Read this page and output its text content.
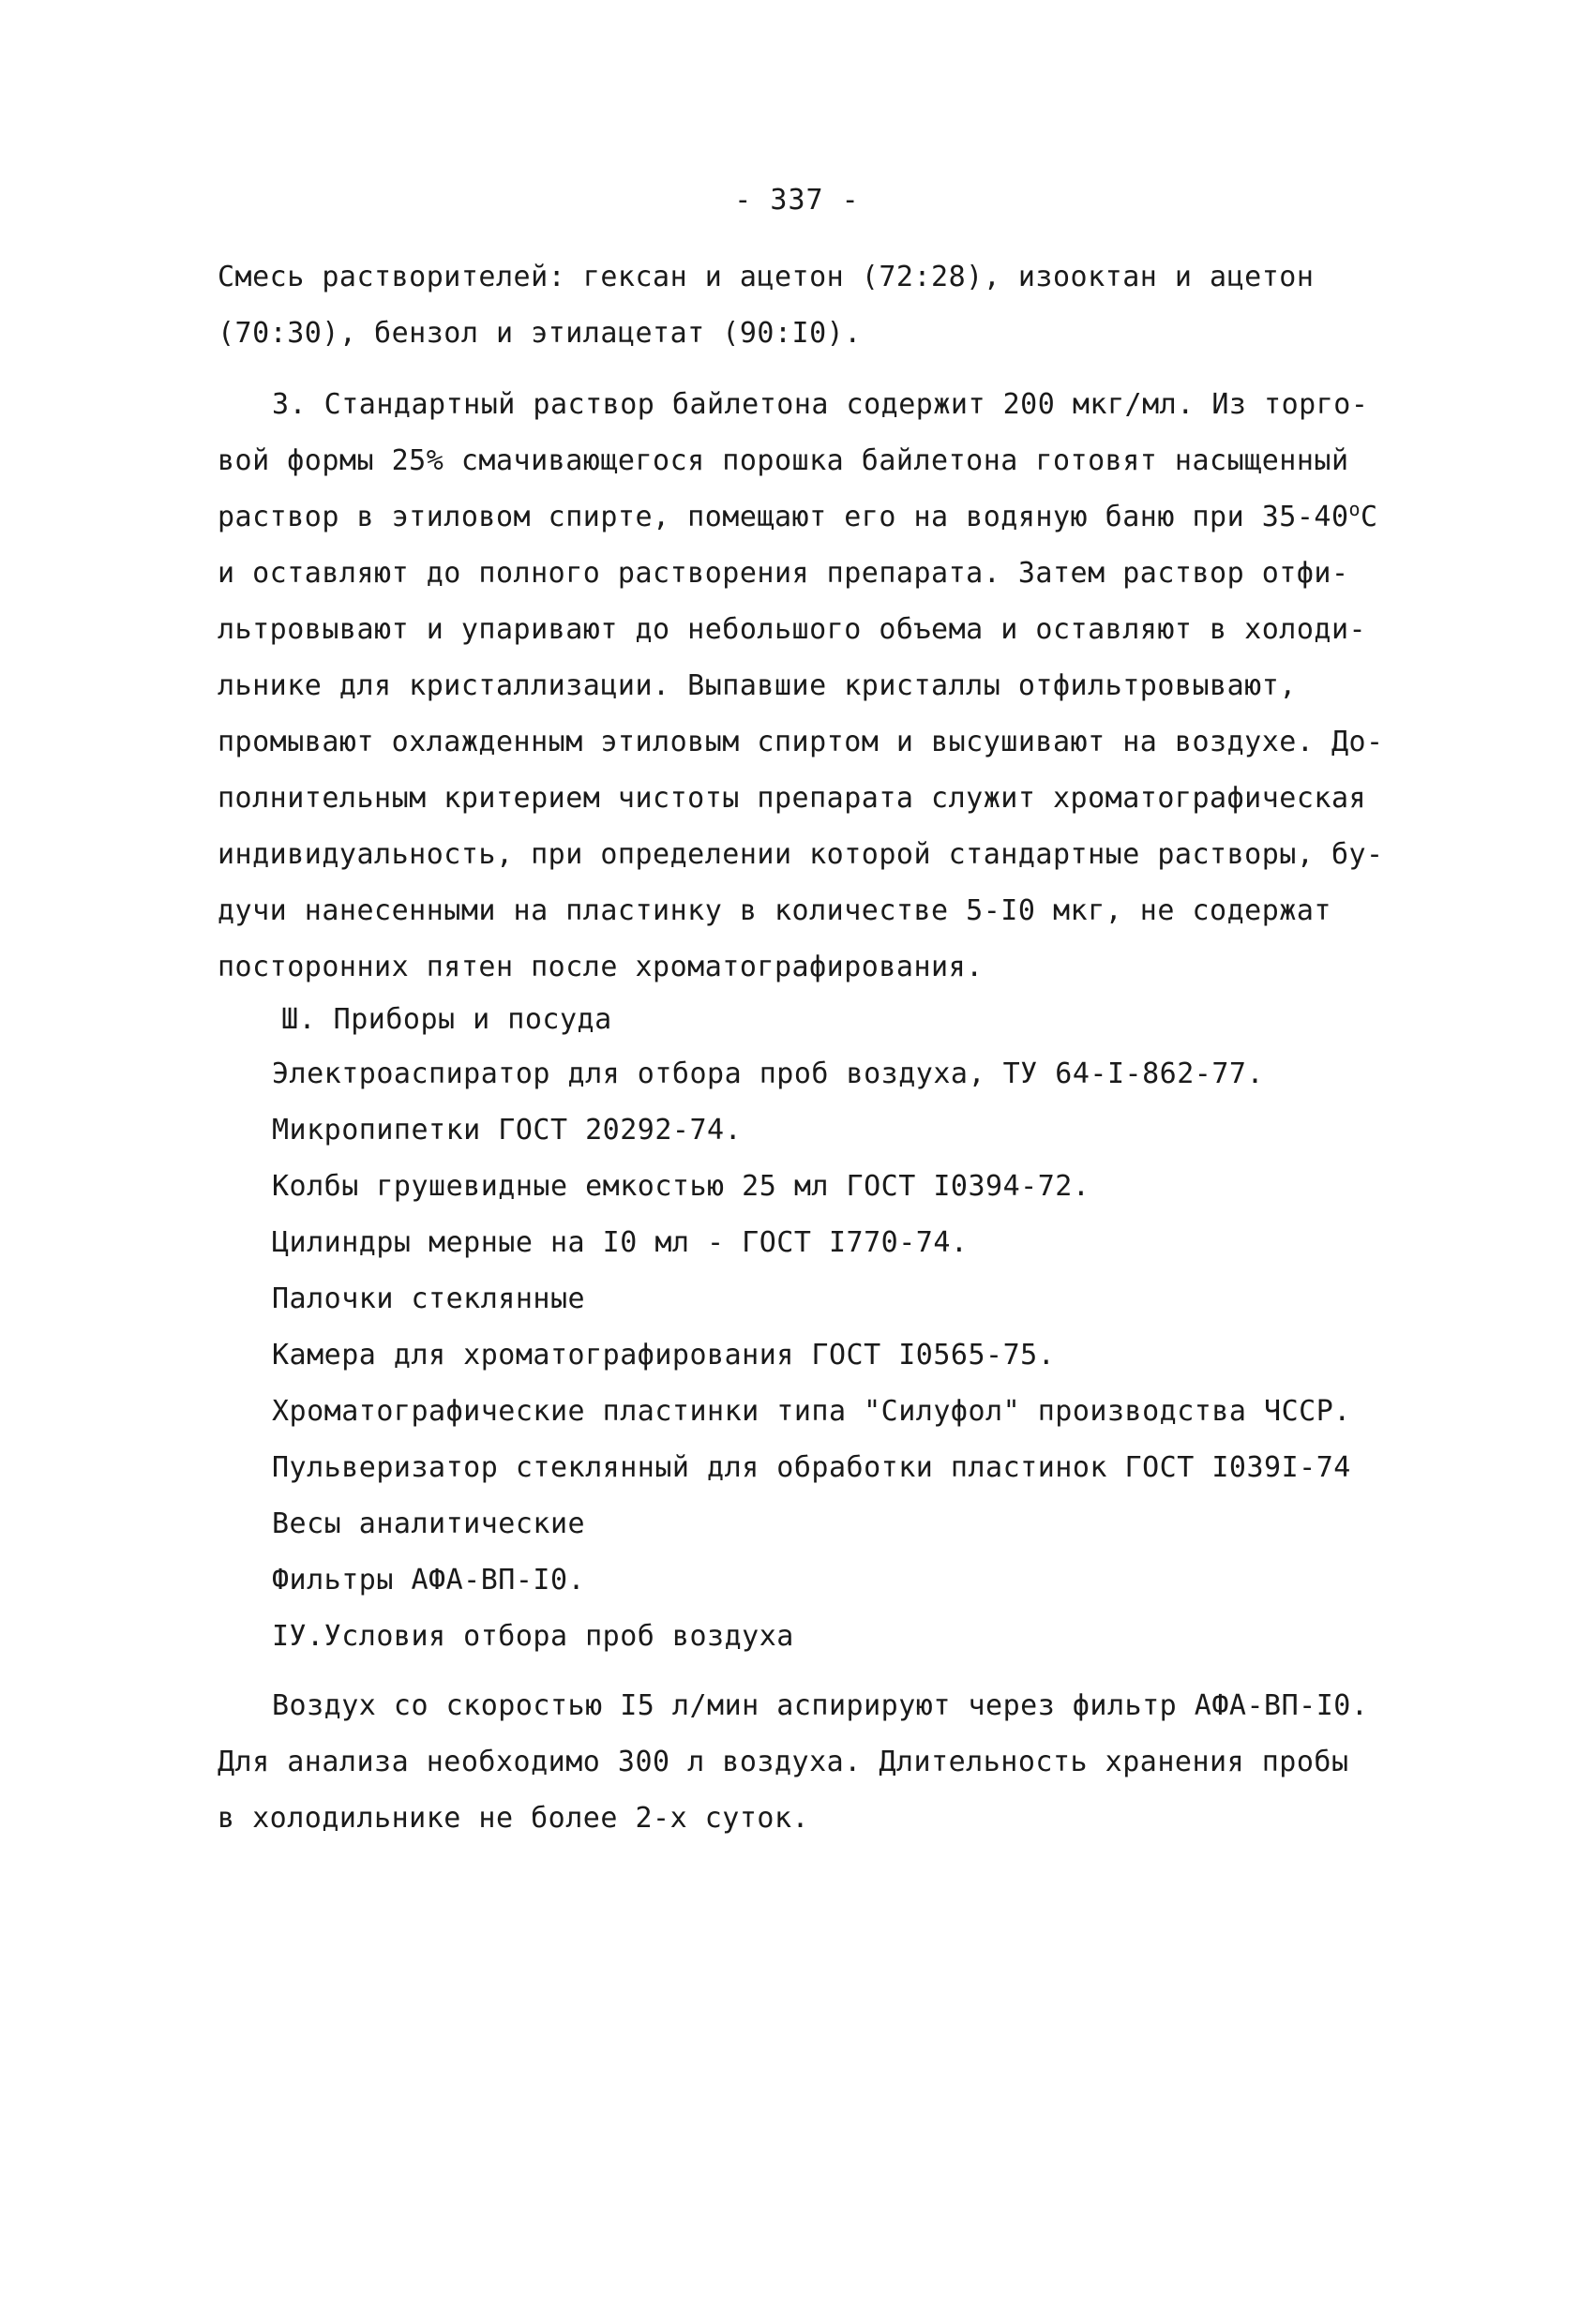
- 337 -
Смесь растворителей: гексан и ацетон (72:28), изооктан и ацетон
(70:30), бензол и этилацетат (90:I0).
3. Стандартный раствор байлетона содержит 200 мкг/мл. Из торго-
вой формы 25% смачивающегося порошка байлетона готовят насыщенный
раствор в этиловом спирте, помещают его на водяную баню при $35-40^оС$
и оставляют до полного растворения препарата. Затем раствор отфи-
льтровывают и упаривают до небольшого объема и оставляют в холоди-
льнике для кристаллизации. Выпавшие кристаллы отфильтровывают,
промывают охлажденным этиловым спиртом и высушивают на воздухе. До-
полнительным критерием чистоты препарата служит хроматографическая
индивидуальность, при определении которой стандартные растворы, бу-
дучи нанесенными на пластинку в количестве 5-I0 мкг, не содержат
посторонних пятен после хроматографирования.
Ш. Приборы и посуда
Электроаспиратор для отбора проб воздуха, ТУ 64-I-862-77.
Микропипетки ГОСТ 20292-74.
Колбы грушевидные емкостью 25 мл ГОСТ I0394-72.
Цилиндры мерные на I0 мл - ГОСТ I770-74.
Палочки стеклянные
Камера для хроматографирования ГОСТ I0565-75.
Хроматографические пластинки типа "Силуфол" производства ЧССР.
Пульверизатор стеклянный для обработки пластинок ГОСТ I039I-74
Весы аналитические
Фильтры АФА-ВП-I0.
IУ.Условия отбора проб воздуха
Воздух со скоростью I5 л/мин аспирируют через фильтр АФА-ВП-I0.
Для анализа необходимо 300 л воздуха. Длительность хранения пробы
в холодильнике не более 2-х суток.
